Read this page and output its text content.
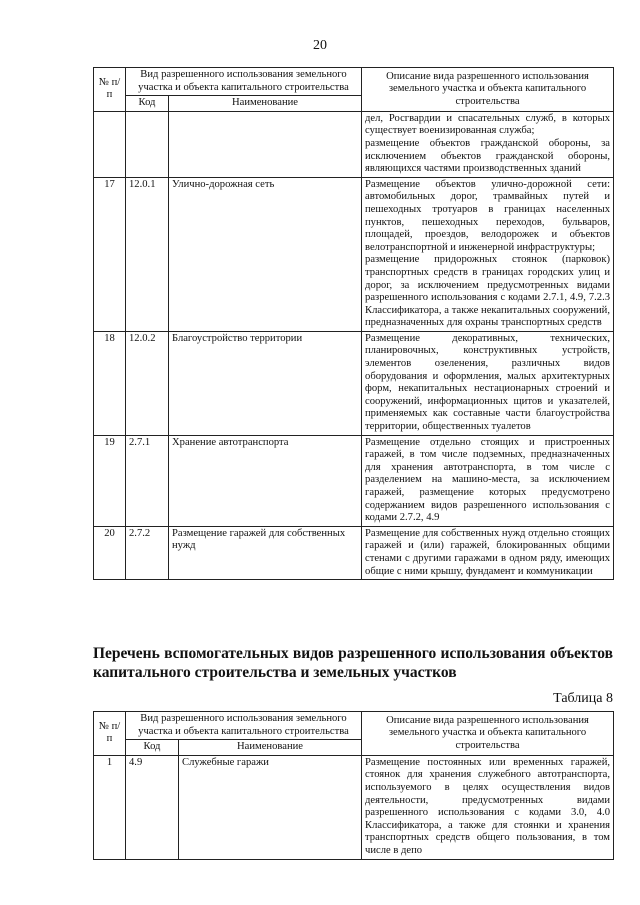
20
№ п/п	Вид разрешенного использования земельного участка и объекта капитального строительства		Описание вида разрешенного использования земельного участка и объекта капитального строительства
	Код	Наименование	

			дел, Росгвардии и спасательных служб, в которых существует военизированная служба;
размещение объектов гражданской обороны, за исключением объектов гражданской обороны, являющихся частями производственных зданий

17	12.0.1	Улично-дорожная сеть	Размещение объектов улично-дорожной сети: автомобильных дорог, трамвайных путей и пешеходных тротуаров в границах населенных пунктов, пешеходных переходов, бульваров, площадей, проездов, велодорожек и объектов велотранспортной и инженерной инфраструктуры;
размещение придорожных стоянок (парковок) транспортных средств в границах городских улиц и дорог, за исключением предусмотренных видами разрешенного использования с кодами 2.7.1, 4.9, 7.2.3 Классификатора, а также некапитальных сооружений, предназначенных для охраны транспортных средств

18	12.0.2	Благоустройство территории	Размещение декоративных, технических, планировочных, конструктивных устройств, элементов озеленения, различных видов оборудования и оформления, малых архитектурных форм, некапитальных нестационарных строений и сооружений, информационных щитов и указателей, применяемых как составные части благоустройства территории, общественных туалетов

19	2.7.1	Хранение автотранспорта	Размещение отдельно стоящих и пристроенных гаражей, в том числе подземных, предназначенных для хранения автотранспорта, в том числе с разделением на машино-места, за исключением гаражей, размещение которых предусмотрено содержанием видов разрешенного использования с кодами 2.7.2, 4.9

20	2.7.2	Размещение гаражей для собственных нужд	Размещение для собственных нужд отдельно стоящих гаражей и (или) гаражей, блокированных общими стенами с другими гаражами в одном ряду, имеющих общие с ними крышу, фундамент и коммуникации
Перечень вспомогательных видов разрешенного использования объектов капитального строительства и земельных участков
Таблица 8
№ п/п	Вид разрешенного использования земельного участка и объекта капитального строительства		Описание вида разрешенного использования земельного участка и объекта капитального строительства
	Код	Наименование	
1	4.9	Служебные гаражи	Размещение постоянных или временных гаражей, стоянок для хранения служебного автотранспорта, используемого в целях осуществления видов деятельности, предусмотренных видами разрешенного использования с кодами 3.0, 4.0 Классификатора, а также для стоянки и хранения транспортных средств общего пользования, в том числе в депо
